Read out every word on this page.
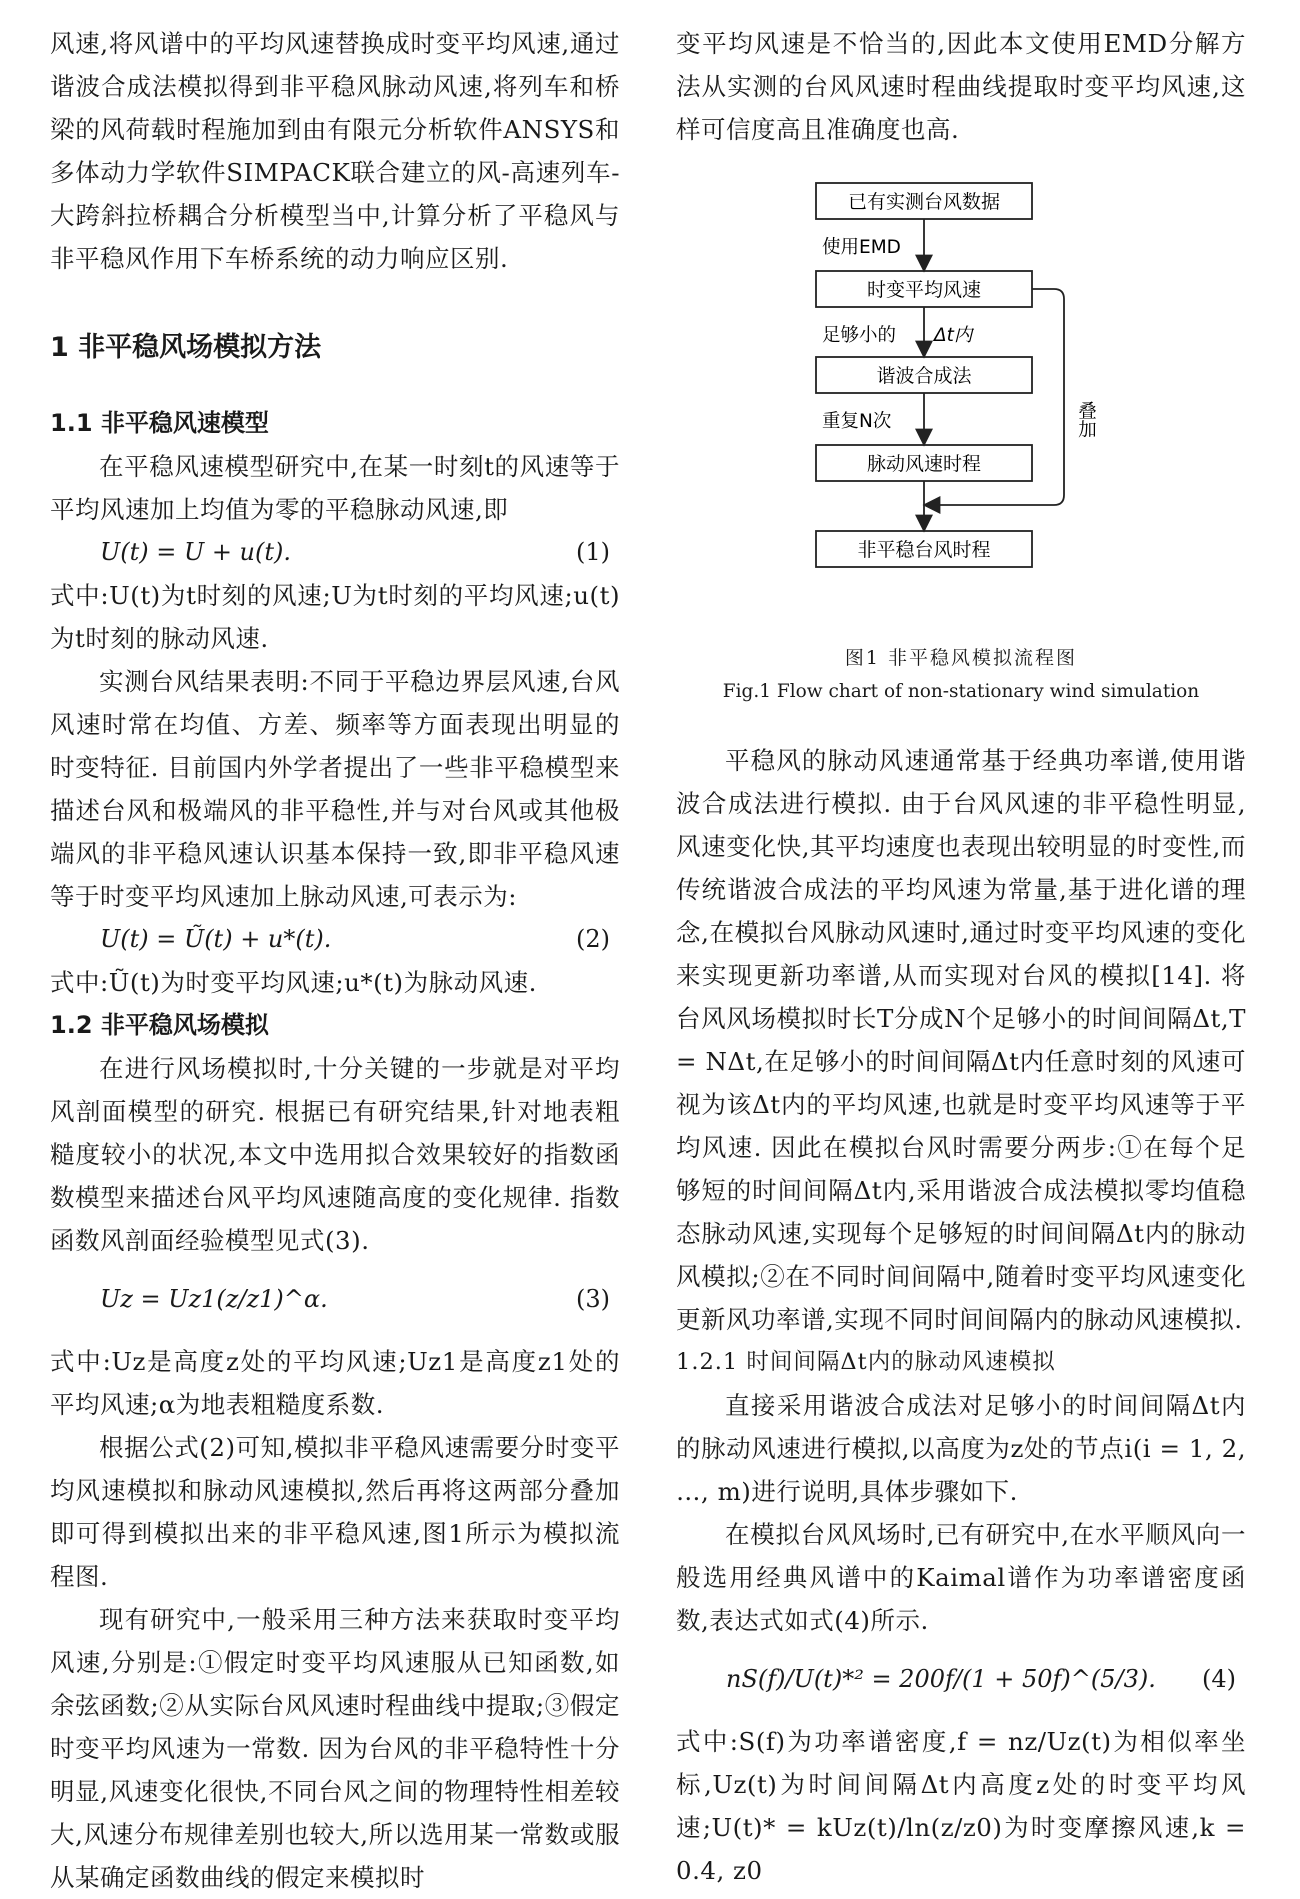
风速,将风谱中的平均风速替换成时变平均风速,通过谐波合成法模拟得到非平稳风脉动风速,将列车和桥梁的风荷载时程施加到由有限元分析软件ANSYS和多体动力学软件SIMPACK联合建立的风-高速列车-大跨斜拉桥耦合分析模型当中,计算分析了平稳风与非平稳风作用下车桥系统的动力响应区别.

1 非平稳风场模拟方法
1.1 非平稳风速模型

在平稳风速模型研究中,在某一时刻t的风速等于平均风速加上均值为零的平稳脉动风速,即

U(t) = U + u(t).	(1)

式中:U(t)为t时刻的风速;U为t时刻的平均风速;u(t)为t时刻的脉动风速.

实测台风结果表明:不同于平稳边界层风速,台风风速时常在均值、方差、频率等方面表现出明显的时变特征. 目前国内外学者提出了一些非平稳模型来描述台风和极端风的非平稳性,并与对台风或其他极端风的非平稳风速认识基本保持一致,即非平稳风速等于时变平均风速加上脉动风速,可表示为:

U(t) = Ũ(t) + u*(t).	(2)

式中:Ũ(t)为时变平均风速;u*(t)为脉动风速.

1.2 非平稳风场模拟

在进行风场模拟时,十分关键的一步就是对平均风剖面模型的研究. 根据已有研究结果,针对地表粗糙度较小的状况,本文中选用拟合效果较好的指数函数模型来描述台风平均风速随高度的变化规律. 指数函数风剖面经验模型见式(3).

Uz = Uz1(z/z1)^α.	(3)

式中:Uz是高度z处的平均风速;Uz1是高度z1处的平均风速;α为地表粗糙度系数.

根据公式(2)可知,模拟非平稳风速需要分时变平均风速模拟和脉动风速模拟,然后再将这两部分叠加即可得到模拟出来的非平稳风速,图1所示为模拟流程图.

现有研究中,一般采用三种方法来获取时变平均风速,分别是:①假定时变平均风速服从已知函数,如余弦函数;②从实际台风风速时程曲线中提取;③假定时变平均风速为一常数. 因为台风的非平稳特性十分明显,风速变化很快,不同台风之间的物理特性相差较大,风速分布规律差别也较大,所以选用某一常数或服从某确定函数曲线的假定来模拟时

变平均风速是不恰当的,因此本文使用EMD分解方法从实测的台风风速时程曲线提取时变平均风速,这样可信度高且准确度也高.

已有实测台风数据
时变平均风速
谐波合成法
脉动风速时程
非平稳台风时程
使用EMD
足够小的 Δt内
重复N次	叠加
图1 非平稳风模拟流程图
Fig.1 Flow chart of non-stationary wind simulation

平稳风的脉动风速通常基于经典功率谱,使用谐波合成法进行模拟. 由于台风风速的非平稳性明显,风速变化快,其平均速度也表现出较明显的时变性,而传统谐波合成法的平均风速为常量,基于进化谱的理念,在模拟台风脉动风速时,通过时变平均风速的变化来实现更新功率谱,从而实现对台风的模拟[14]. 将台风风场模拟时长T分成N个足够小的时间间隔Δt,T = NΔt,在足够小的时间间隔Δt内任意时刻的风速可视为该Δt内的平均风速,也就是时变平均风速等于平均风速. 因此在模拟台风时需要分两步:①在每个足够短的时间间隔Δt内,采用谐波合成法模拟零均值稳态脉动风速,实现每个足够短的时间间隔Δt内的脉动风模拟;②在不同时间间隔中,随着时变平均风速变化更新风功率谱,实现不同时间间隔内的脉动风速模拟.

1.2.1 时间间隔Δt内的脉动风速模拟

直接采用谐波合成法对足够小的时间间隔Δt内的脉动风速进行模拟,以高度为z处的节点i(i = 1, 2, …, m)进行说明,具体步骤如下.

在模拟台风风场时,已有研究中,在水平顺风向一般选用经典风谱中的Kaimal谱作为功率谱密度函数,表达式如式(4)所示.

nS(f)/U(t)*² = 200f/(1 + 50f)^(5/3). (4)

式中:S(f)为功率谱密度,f = nz/Uz(t)为相似率坐标,Uz(t)为时间间隔Δt内高度z处的时变平均风速;U(t)* = kUz(t)/ln(z/z0)为时变摩擦风速,k = 0.4, z0
